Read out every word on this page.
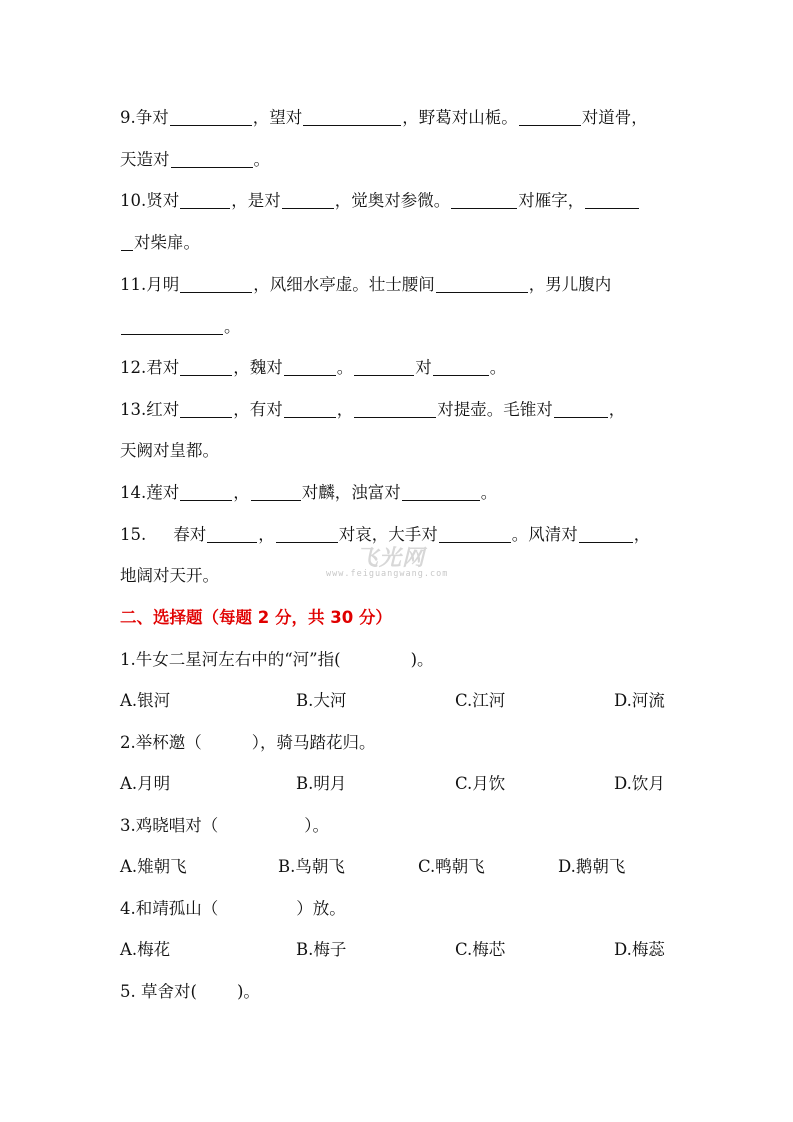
9.争对	，望对	，野葛对山栀。	对道骨，
天造对	。
10.贤对	，是对	，觉奥对参微。	对雁字，
对柴扉。
11.月明	，风细水亭虚。壮士腰间	，男儿腹内
。
12.君对	，魏对	。	对	。
13.红对	，有对	，	对提壶。毛锥对	，
天阙对皇都。
14.莲对	，	对麟，浊富对	。
15. 春对	，	对哀，大手对	。风清对	，
地阔对天开。
飞光网
www.feiguangwang.com
二、选择题（每题 2 分，共 30 分）
1.牛女二星河左右中的“河”指(	)。
A.银河	B.大河	C.江河	D.河流
2.举杯邀（	），骑马踏花归。
A.月明	B.明月	C.月饮	D.饮月
3.鸡晓唱对（	）。
A.雉朝飞	B.鸟朝飞	C.鸭朝飞	D.鹅朝飞
4.和靖孤山（	）放。
A.梅花	B.梅子	C.梅芯	D.梅蕊
5. 草舍对( )。
